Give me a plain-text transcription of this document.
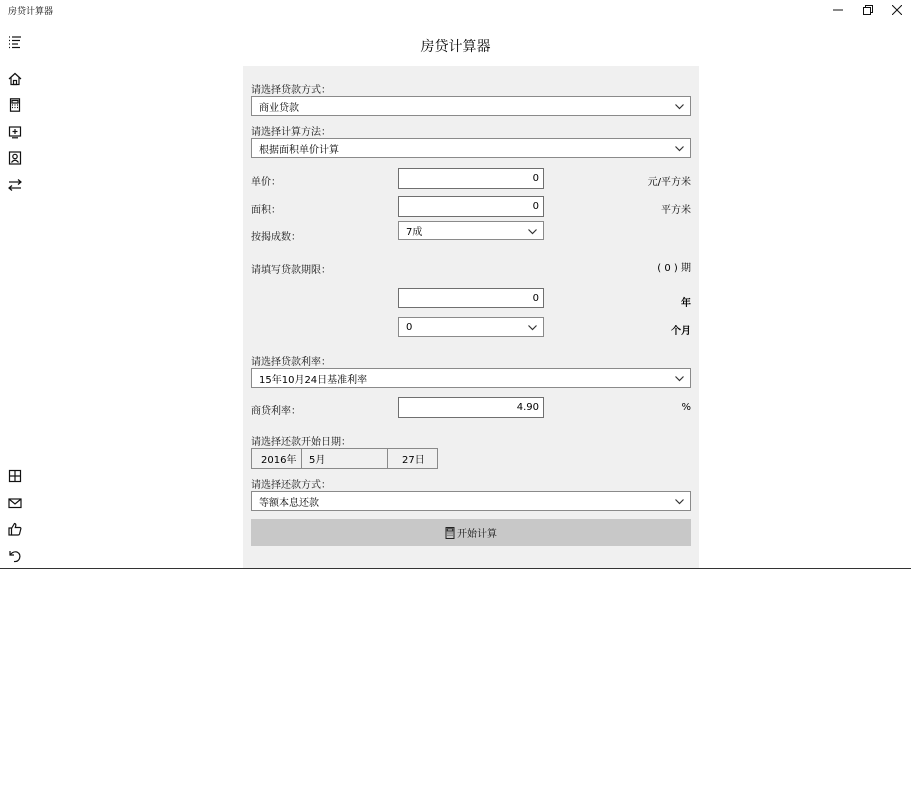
房贷计算器
房贷计算器
请选择贷款方式：
商业贷款
请选择计算方法：
根据面积单价计算
单价：	0	元/平方米
面积：	0	平方米
按揭成数：	7成
请填写贷款期限：	( 0 ) 期
0	年
0	个月
请选择贷款利率：
15年10月24日基准利率
商贷利率：	4.90	%
请选择还款开始日期：
2016年	5月	27日
请选择还款方式：
等额本息还款
开始计算
